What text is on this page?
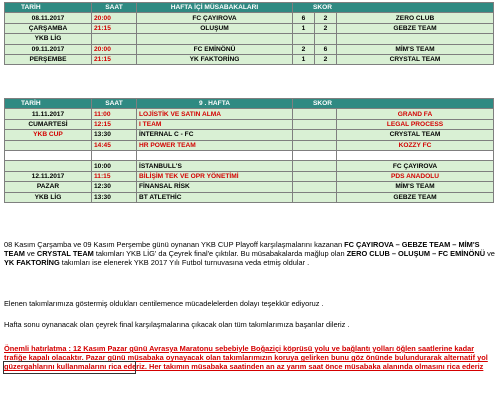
TARİH	SAAT	HAFTA İÇİ MÜSABAKALARI	SKOR		
08.11.2017	20:00	FC ÇAYIROVA	6	2	ZERO CLUB
ÇARŞAMBA	21:15	OLUŞUM	1	2	GEBZE TEAM
YKB LİG					
09.11.2017	20:00	FC EMİNÖNÜ	2	6	MİM'S TEAM
PERŞEMBE	21:15	YK FAKTORİNG	1	2	CRYSTAL TEAM
TARİH	SAAT	9 . HAFTA	SKOR	
11.11.2017	11:00	LOJİSTİK VE SATIN ALMA		GRAND FA
CUMARTESİ	12:15	I TEAM		LEGAL PROCESS
YKB CUP	13:30	İNTERNAL C - FC		CRYSTAL TEAM
	14:45	HR POWER TEAM		KOZZY FC

	10:00	İSTANBULL'S		FC ÇAYIROVA
12.11.2017	11:15	BİLİŞİM TEK VE OPR YÖNETİMİ		PDS ANADOLU
PAZAR	12:30	FİNANSAL RİSK		MİM'S TEAM
YKB LİG	13:30	BT ATLETHİC		GEBZE TEAM

08 Kasım Çarşamba ve 09 Kasım Perşembe günü oynanan YKB CUP Playoff karşılaşmalarını kazanan FC ÇAYIROVA – GEBZE TEAM – MİM'S TEAM ve CRYSTAL TEAM takımları YKB LİG' da Çeyrek final'e çıktılar. Bu müsabakalarda mağlup olan ZERO CLUB – OLUŞUM – FC EMİNÖNÜ ve YK FAKTORİNG takımları ise elenerek YKB 2017 Yılı Futbol turnuvasına veda etmiş oldular .

Elenen takımlarımıza göstermiş oldukları centilemence mücadelelerden dolayı teşekkür ediyoruz .

Hafta sonu oynanacak olan çeyrek final karşılaşmalarına çıkacak olan tüm takımlarımıza başarılar dileriz .

Önemli hatırlatma : 12 Kasım Pazar günü Avrasya Maratonu sebebiyle Boğaziçi köprüsü yolu ve bağlantı yolları öğlen saatlerine kadar trafiğe kapalı olacaktır. Pazar günü müsabaka oynayacak olan takımlarımızın koruya gelirken bunu göz önünde bulundurarak alternatif yol güzergahlarını kullanmalarını rica ederiz. Her takımın müsabaka saatinden an az yarım saat önce müsabaka alanında olmasını rica ederiz
